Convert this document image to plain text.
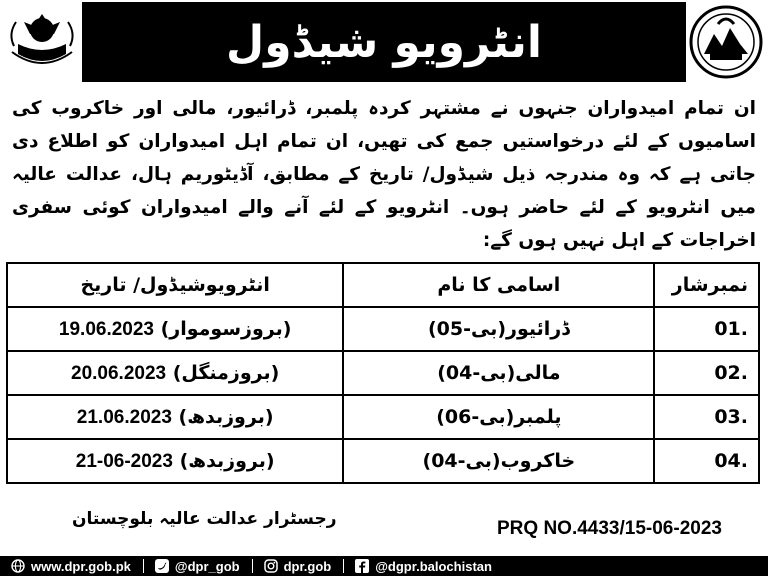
انٹرویو شیڈول
ان تمام امیدواران جنہوں نے مشتہر کردہ پلمبر، ڈرائیور، مالی اور خاکروب کی اسامیوں کے لئے درخواستیں جمع کی تھیں، ان تمام اہل امیدواران کو اطلاع دی جاتی ہے کہ وہ مندرجہ ذیل شیڈول/ تاریخ کے مطابق، آڈیٹوریم ہال، عدالت عالیہ میں انٹرویو کے لئے حاضر ہوں۔ انٹرویو کے لئے آنے والے امیدواران کوئی سفری اخراجات کے اہل نہیں ہوں گے:
نمبرشار	اسامی کا نام	انٹرویوشیڈول/ تاریخ
01.	ڈرائیور(بی-05)	(بروزسوموار) 19.06.2023
02.	مالی(بی-04)	(بروزمنگل) 20.06.2023
03.	پلمبر(بی-06)	(بروزبدھ) 21.06.2023
04.	خاکروب(بی-04)	(بروزبدھ) 21-06-2023
رجسٹرار عدالت عالیہ بلوچستان	PRQ NO.4433/15-06-2023
www.dpr.gob.pk	@dpr_gob	dpr.gob	@dgpr.balochistan
